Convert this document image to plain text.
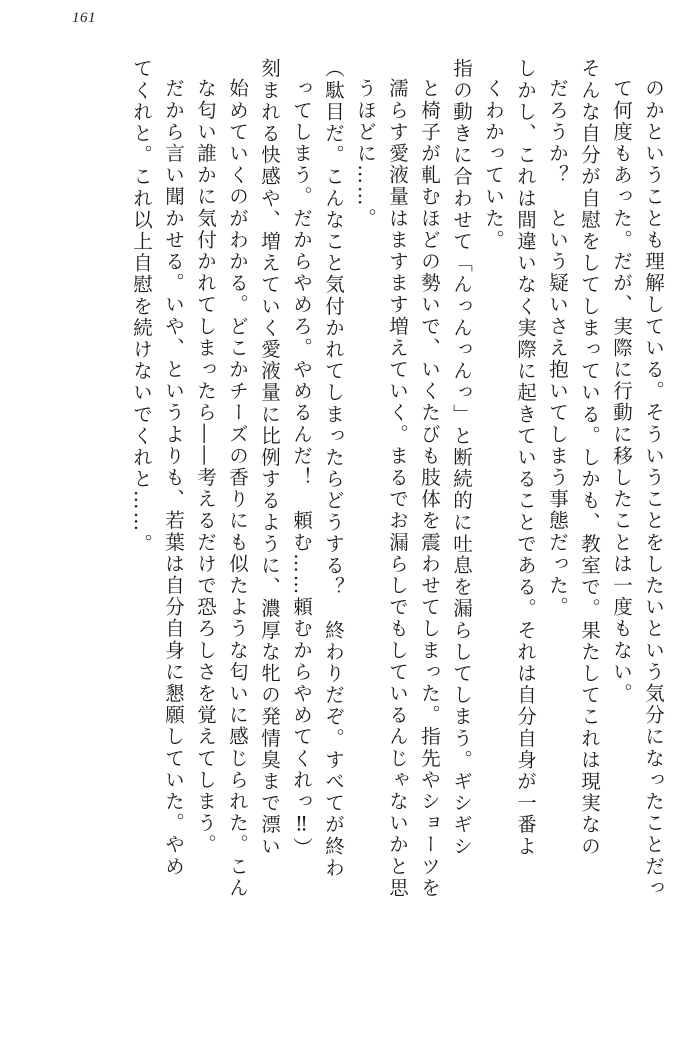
161
のかということも理解している。そういうことをしたいという気分になったことだっ
て何度もあった。だが、実際に行動に移したことは一度もない。
そんな自分が自慰をしてしまっている。しかも、教室で。果たしてこれは現実なの
だろうか？　という疑いさえ抱いてしまう事態だった。
しかし、これは間違いなく実際に起きていることである。それは自分自身が一番よ
くわかっていた。
指の動きに合わせて「んっんっんっ」と断続的に吐息を漏らしてしまう。ギシギシ
と椅子が軋むほどの勢いで、いくたびも肢体を震わせてしまった。指先やショーツを
濡らす愛液量はますます増えていく。まるでお漏らしでもしているんじゃないかと思
うほどに……。
（駄目だ。こんなこと気付かれてしまったらどうする？　終わりだぞ。すべてが終わ
ってしまう。だからやめろ。やめるんだ！　頼む……頼むからやめてくれっ‼）
刻まれる快感や、増えていく愛液量に比例するように、濃厚な牝の発情臭まで漂い
始めていくのがわかる。どこかチーズの香りにも似たような匂いに感じられた。こん
な匂い誰かに気付かれてしまったら――考えるだけで恐ろしさを覚えてしまう。
だから言い聞かせる。いや、というよりも、若葉は自分自身に懇願していた。やめ
てくれと。これ以上自慰を続けないでくれと……。
